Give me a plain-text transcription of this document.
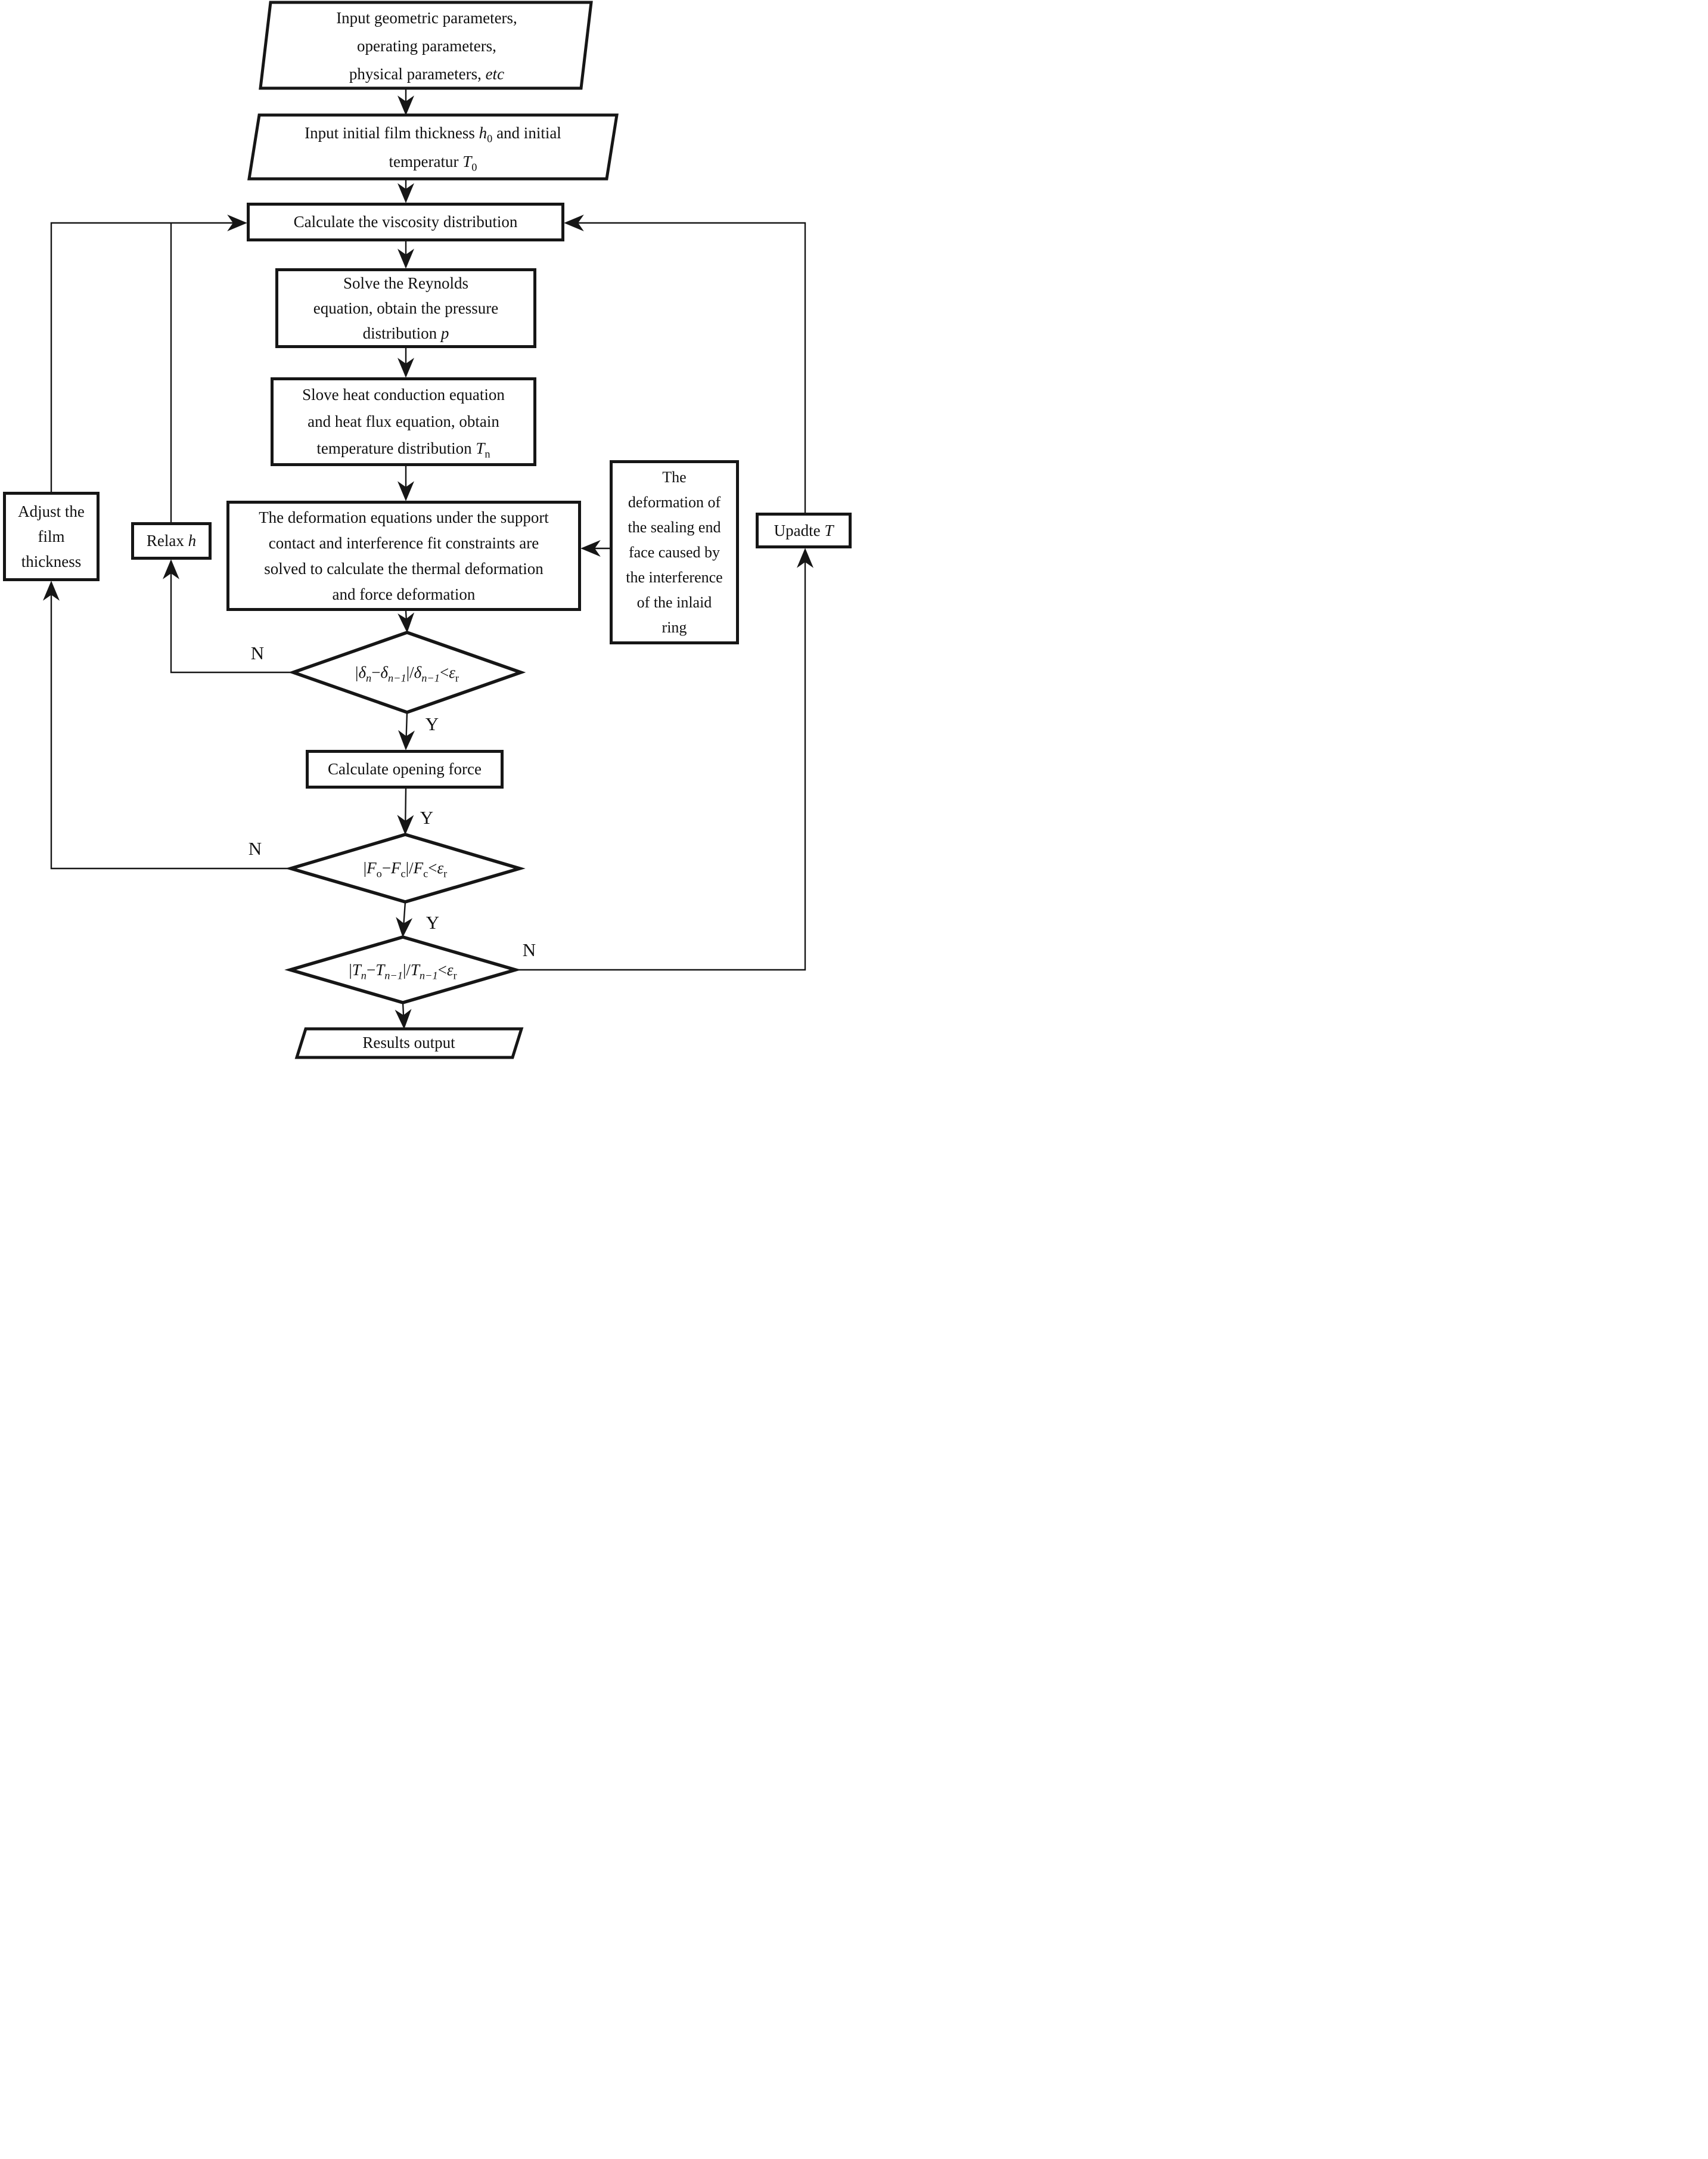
Input geometric parameters,
operating parameters,
physical parameters, etc
Input initial film thickness $h_0$ and initial
temperatur $T_0$
Results output
Calculate the viscosity distribution
Solve the Reynolds
equation, obtain the pressure
distribution p
Slove heat conduction equation
and heat flux equation, obtain
temperature distribution $T_n$
The deformation equations under the support
contact and interference fit constraints are
solved to calculate the thermal deformation
and force deformation
The
deformation of
the sealing end
face caused by
the interference
of the inlaid
ring
Adjust the
film
thickness
Relax h
Upadte T
Calculate opening force
$|\delta_n-\delta_{n-1}|/\delta_{n-1}<\varepsilon_r$
$|F_o-F_c|/F_c<\varepsilon_r$
$|T_n-T_{n-1}|/T_{n-1}<\varepsilon_r$
N
Y
N
Y
Y
N
